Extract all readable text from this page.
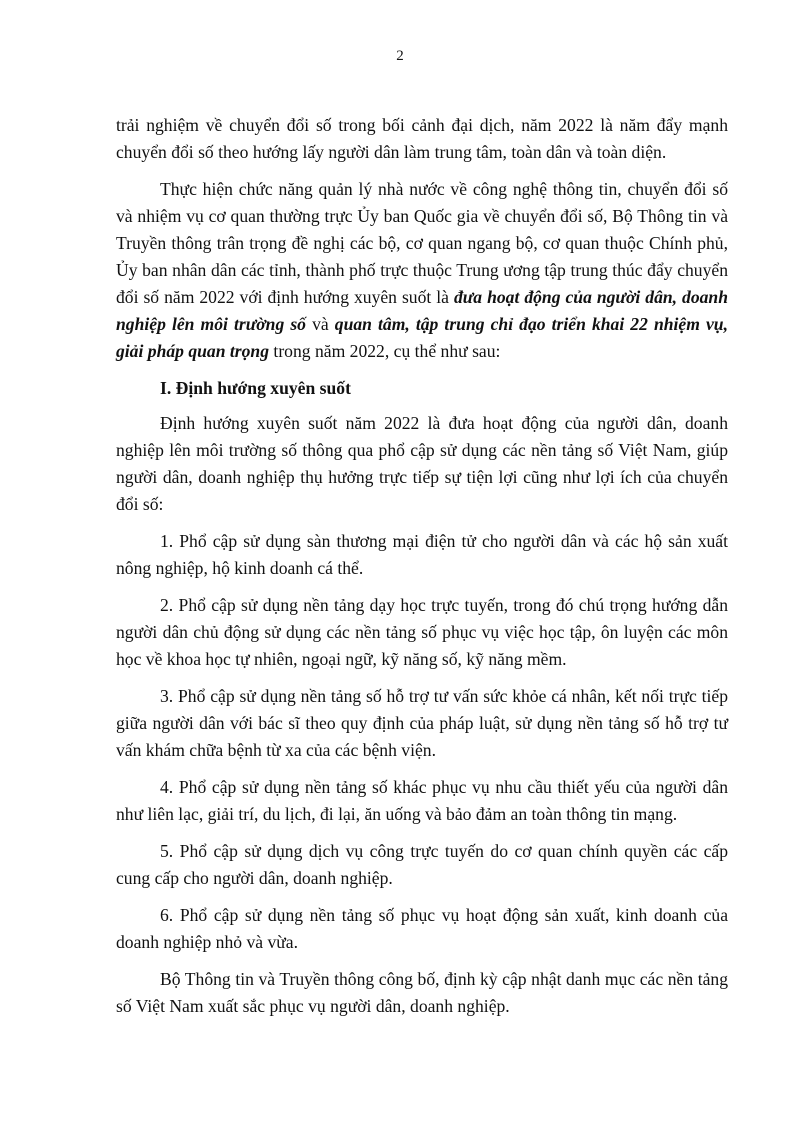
2

trải nghiệm về chuyển đổi số trong bối cảnh đại dịch, năm 2022 là năm đẩy mạnh chuyển đổi số theo hướng lấy người dân làm trung tâm, toàn dân và toàn diện.

Thực hiện chức năng quản lý nhà nước về công nghệ thông tin, chuyển đổi số và nhiệm vụ cơ quan thường trực Ủy ban Quốc gia về chuyển đổi số, Bộ Thông tin và Truyền thông trân trọng đề nghị các bộ, cơ quan ngang bộ, cơ quan thuộc Chính phủ, Ủy ban nhân dân các tỉnh, thành phố trực thuộc Trung ương tập trung thúc đẩy chuyển đổi số năm 2022 với định hướng xuyên suốt là đưa hoạt động của người dân, doanh nghiệp lên môi trường số và quan tâm, tập trung chỉ đạo triển khai 22 nhiệm vụ, giải pháp quan trọng trong năm 2022, cụ thể như sau:

I. Định hướng xuyên suốt

Định hướng xuyên suốt năm 2022 là đưa hoạt động của người dân, doanh nghiệp lên môi trường số thông qua phổ cập sử dụng các nền tảng số Việt Nam, giúp người dân, doanh nghiệp thụ hưởng trực tiếp sự tiện lợi cũng như lợi ích của chuyển đổi số:

1. Phổ cập sử dụng sàn thương mại điện tử cho người dân và các hộ sản xuất nông nghiệp, hộ kinh doanh cá thể.

2. Phổ cập sử dụng nền tảng dạy học trực tuyến, trong đó chú trọng hướng dẫn người dân chủ động sử dụng các nền tảng số phục vụ việc học tập, ôn luyện các môn học về khoa học tự nhiên, ngoại ngữ, kỹ năng số, kỹ năng mềm.

3. Phổ cập sử dụng nền tảng số hỗ trợ tư vấn sức khỏe cá nhân, kết nối trực tiếp giữa người dân với bác sĩ theo quy định của pháp luật, sử dụng nền tảng số hỗ trợ tư vấn khám chữa bệnh từ xa của các bệnh viện.

4. Phổ cập sử dụng nền tảng số khác phục vụ nhu cầu thiết yếu của người dân như liên lạc, giải trí, du lịch, đi lại, ăn uống và bảo đảm an toàn thông tin mạng.

5. Phổ cập sử dụng dịch vụ công trực tuyến do cơ quan chính quyền các cấp cung cấp cho người dân, doanh nghiệp.

6. Phổ cập sử dụng nền tảng số phục vụ hoạt động sản xuất, kinh doanh của doanh nghiệp nhỏ và vừa.

Bộ Thông tin và Truyền thông công bố, định kỳ cập nhật danh mục các nền tảng số Việt Nam xuất sắc phục vụ người dân, doanh nghiệp.
